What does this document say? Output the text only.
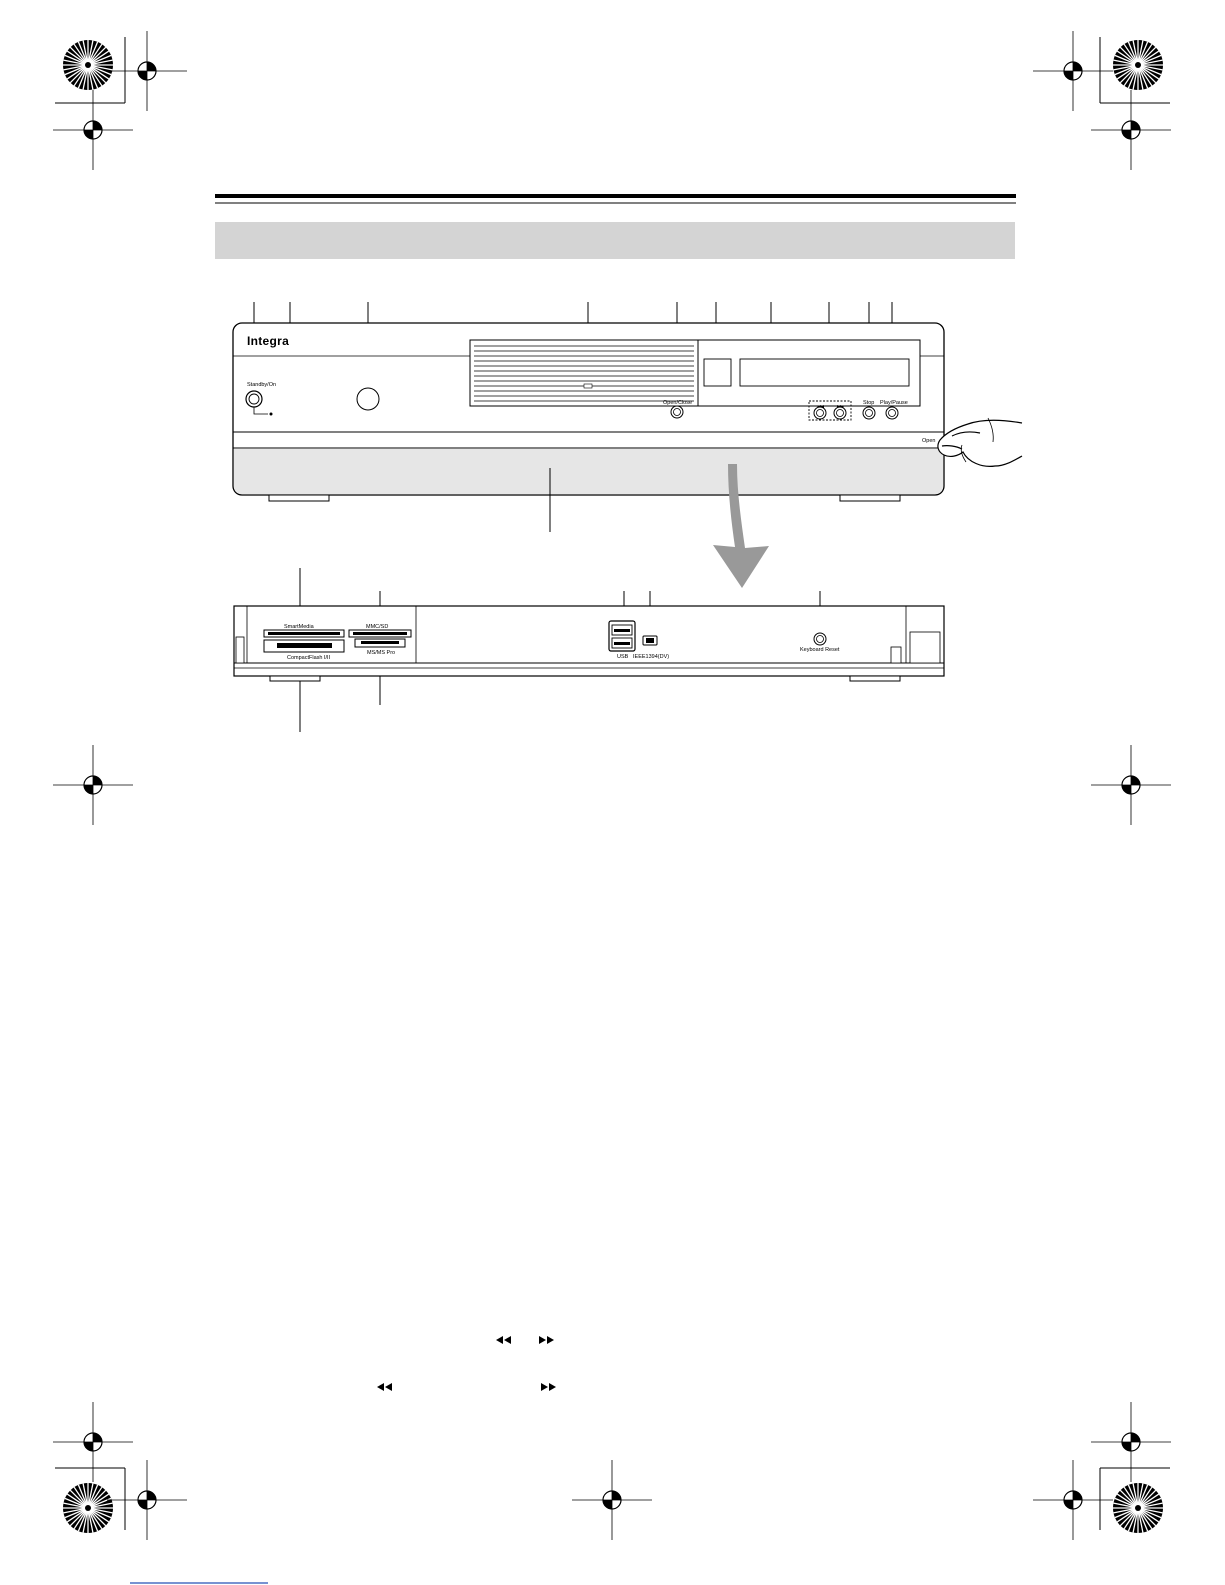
Integra
Standby/On
Open/Close	Stop Play/Pause
Open
SmartMedia
CompactFlash I/II
MMC/SD
MS/MS Pro
USB IEEE1394(DV)
Keyboard Reset
